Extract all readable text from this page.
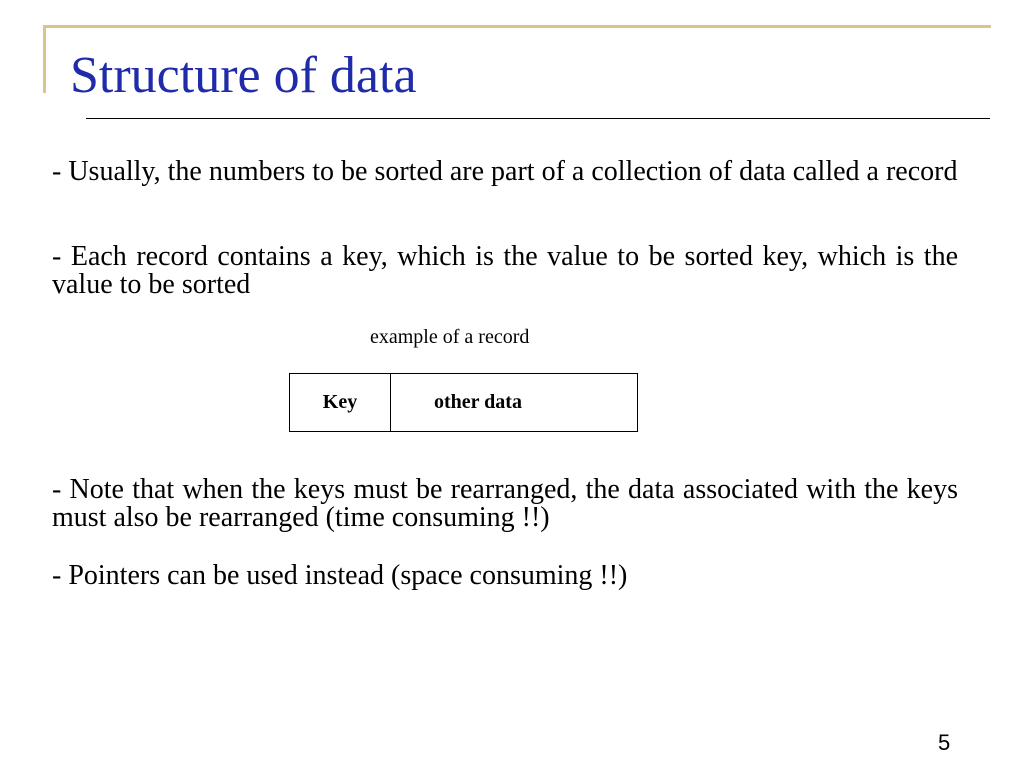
Structure of data
- Usually, the numbers to be sorted are part of a collection of data called a record
- Each record contains a key, which is the value to be sorted key, which is the value to be sorted
example of a record
Key	other data
- Note that when the keys must be rearranged, the data associated with the keys must also be rearranged (time consuming !!)
- Pointers can be used instead (space consuming !!)
5
